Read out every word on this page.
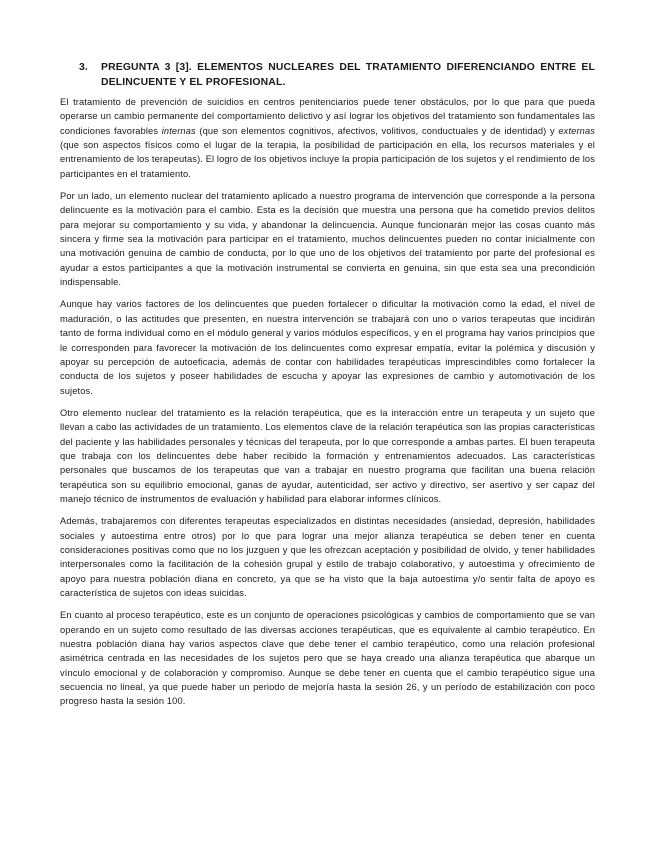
3.	PREGUNTA 3 [3]. ELEMENTOS NUCLEARES DEL TRATAMIENTO DIFERENCIANDO ENTRE EL DELINCUENTE Y EL PROFESIONAL.

El tratamiento de prevención de suicidios en centros penitenciarios puede tener obstáculos, por lo que para que pueda operarse un cambio permanente del comportamiento delictivo y así lograr los objetivos del tratamiento son fundamentales las condiciones favorables internas (que son elementos cognitivos, afectivos, volitivos, conductuales y de identidad) y externas (que son aspectos físicos como el lugar de la terapia, la posibilidad de participación en ella, los recursos materiales y el entrenamiento de los terapeutas). El logro de los objetivos incluye la propia participación de los sujetos y el rendimiento de los participantes en el tratamiento.

Por un lado, un elemento nuclear del tratamiento aplicado a nuestro programa de intervención que corresponde a la persona delincuente es la motivación para el cambio. Esta es la decisión que muestra una persona que ha cometido previos delitos para mejorar su comportamiento y su vida, y abandonar la delincuencia. Aunque funcionarán mejor las cosas cuanto más sincera y firme sea la motivación para participar en el tratamiento, muchos delincuentes pueden no contar inicialmente con una motivación genuina de cambio de conducta, por lo que uno de los objetivos del tratamiento por parte del profesional es ayudar a estos participantes a que la motivación instrumental se convierta en genuina, sin que esta sea una precondición indispensable.

Aunque hay varios factores de los delincuentes que pueden fortalecer o dificultar la motivación como la edad, el nivel de maduración, o las actitudes que presenten, en nuestra intervención se trabajará con uno o varios terapeutas que incidirán tanto de forma individual como en el módulo general y varios módulos específicos, y en el programa hay varios principios que le corresponden para favorecer la motivación de los delincuentes como expresar empatía, evitar la polémica y discusión y apoyar su percepción de autoeficacia, además de contar con habilidades terapéuticas imprescindibles como fortalecer la conducta de los sujetos y poseer habilidades de escucha y apoyar las expresiones de cambio y automotivación de los sujetos.

Otro elemento nuclear del tratamiento es la relación terapéutica, que es la interacción entre un terapeuta y un sujeto que llevan a cabo las actividades de un tratamiento. Los elementos clave de la relación terapéutica son las propias características del paciente y las habilidades personales y técnicas del terapeuta, por lo que corresponde a ambas partes. El buen terapeuta que trabaja con los delincuentes debe haber recibido la formación y entrenamientos adecuados. Las características personales que buscamos de los terapeutas que van a trabajar en nuestro programa que facilitan una buena relación terapéutica son su equilibrio emocional, ganas de ayudar, autenticidad, ser activo y directivo, ser asertivo y ser capaz del manejo técnico de instrumentos de evaluación y habilidad para elaborar informes clínicos.

Además, trabajaremos con diferentes terapeutas especializados en distintas necesidades (ansiedad, depresión, habilidades sociales y autoestima entre otros) por lo que para lograr una mejor alianza terapéutica se deben tener en cuenta consideraciones positivas como que no los juzguen y que les ofrezcan aceptación y posibilidad de olvido, y tener habilidades interpersonales como la facilitación de la cohesión grupal y estilo de trabajo colaborativo, y autoestima y ofrecimiento de apoyo para nuestra población diana en concreto, ya que se ha visto que la baja autoestima y/o sentir falta de apoyo es característica de sujetos con ideas suicidas.

En cuanto al proceso terapéutico, este es un conjunto de operaciones psicológicas y cambios de comportamiento que se van operando en un sujeto como resultado de las diversas acciones terapéuticas, que es equivalente al cambio terapéutico. En nuestra población diana hay varios aspectos clave que debe tener el cambio terapéutico, como una relación profesional asimétrica centrada en las necesidades de los sujetos pero que se haya creado una alianza terapéutica que abarque un vínculo emocional y de colaboración y compromiso. Aunque se debe tener en cuenta que el cambio terapéutico sigue una secuencia no lineal, ya que puede haber un periodo de mejoría hasta la sesión 26, y un período de estabilización con poco progreso hasta la sesión 100.
